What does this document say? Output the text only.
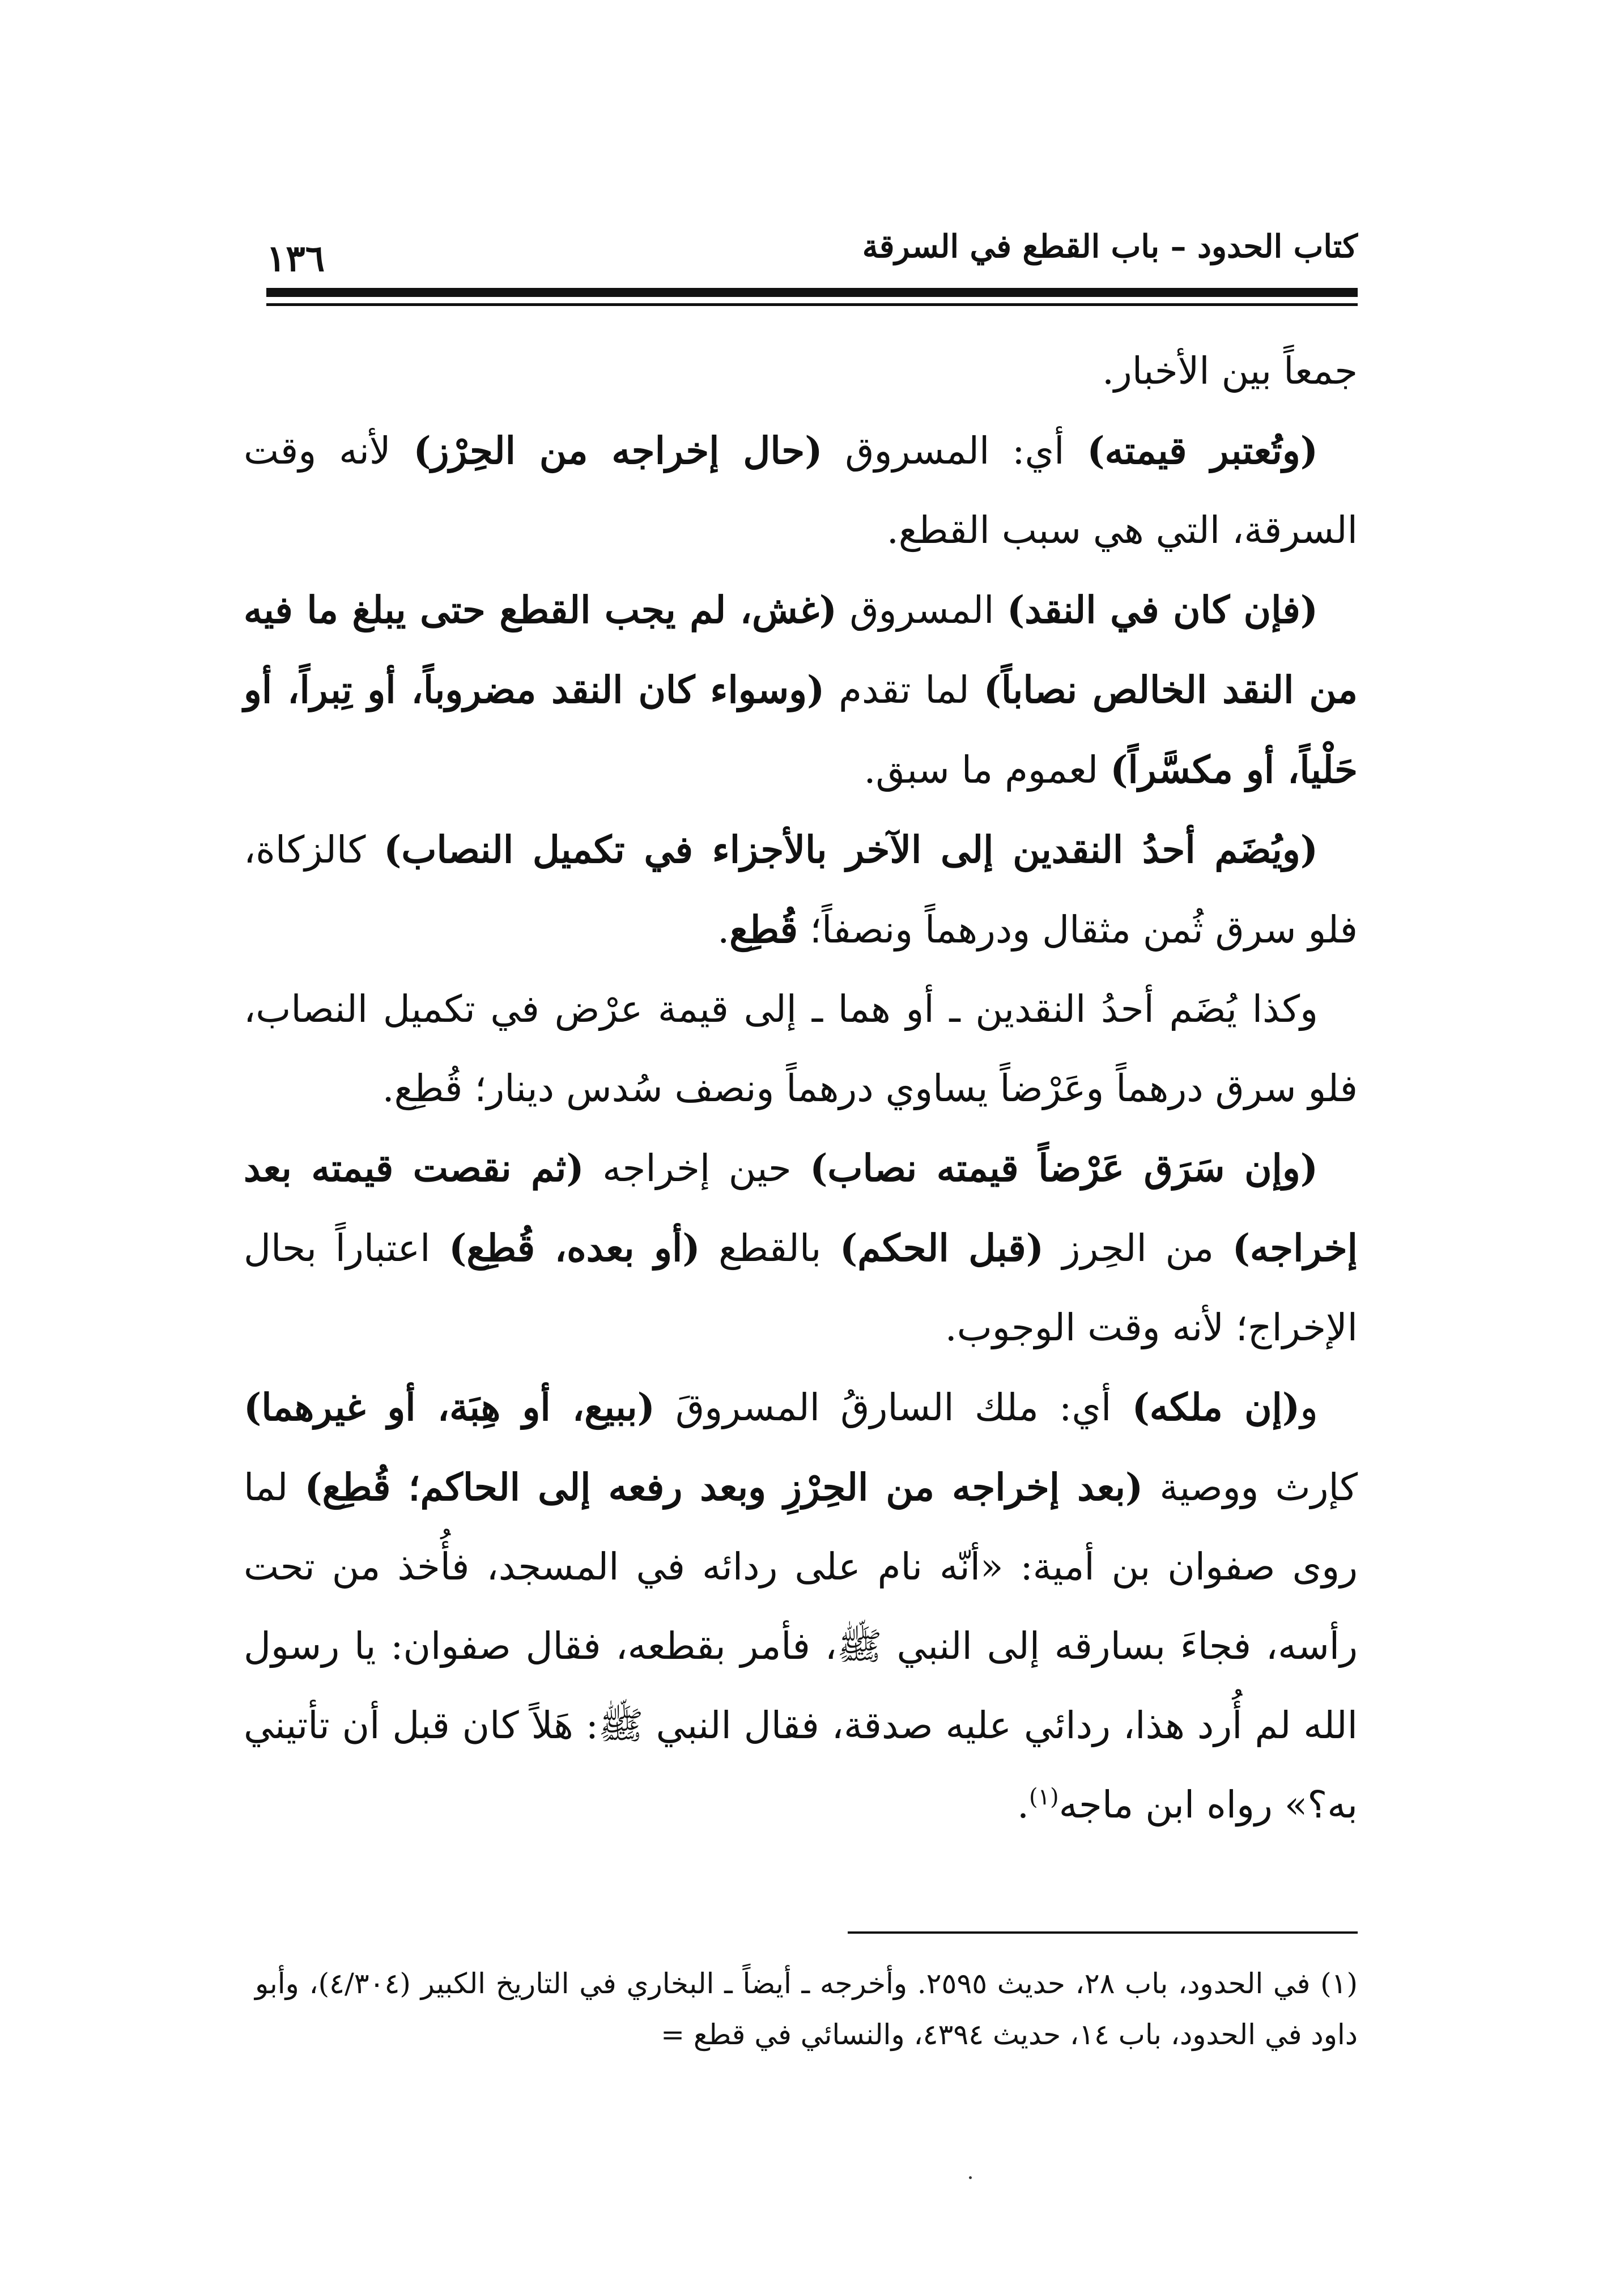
كتاب الحدود – باب القطع في السرقة
١٣٦

جمعاً بين الأخبار.

(وتُعتبر قيمته) أي: المسروق (حال إخراجه من الحِرْز) لأنه وقت السرقة، التي هي سبب القطع.

(فإن كان في النقد) المسروق (غش، لم يجب القطع حتى يبلغ ما فيه من النقد الخالص نصاباً) لما تقدم (وسواء كان النقد مضروباً، أو تِبراً، أو حَلْياً، أو مكسَّراً) لعموم ما سبق.

(ويُضَم أحدُ النقدين إلى الآخر بالأجزاء في تكميل النصاب) كالزكاة، فلو سرق ثُمن مثقال ودرهماً ونصفاً؛ قُطِع.

وكذا يُضَم أحدُ النقدين ـ أو هما ـ إلى قيمة عرْض في تكميل النصاب، فلو سرق درهماً وعَرْضاً يساوي درهماً ونصف سُدس دينار؛ قُطِع.

(وإن سَرَق عَرْضاً قيمته نصاب) حين إخراجه (ثم نقصت قيمته بعد إخراجه) من الحِرز (قبل الحكم) بالقطع (أو بعده، قُطِع) اعتباراً بحال الإخراج؛ لأنه وقت الوجوب.

و(إن ملكه) أي: ملك السارقُ المسروقَ (ببيع، أو هِبَة، أو غيرهما) كإرث ووصية (بعد إخراجه من الحِرْزِ وبعد رفعه إلى الحاكم؛ قُطِع) لما روى صفوان بن أمية: «أنّه نام على ردائه في المسجد، فأُخذ من تحت رأسه، فجاءَ بسارقه إلى النبي ﷺ، فأمر بقطعه، فقال صفوان: يا رسول الله لم أُرد هذا، ردائي عليه صدقة، فقال النبي ﷺ: هَلاً كان قبل أن تأتيني به؟» رواه ابن ماجه$^{(١)}$.

(١) في الحدود، باب ٢٨، حديث ٢٥٩٥. وأخرجه ـ أيضاً ـ البخاري في التاريخ الكبير (٤/٣٠٤)، وأبو داود في الحدود، باب ١٤، حديث ٤٣٩٤، والنسائي في قطع =
